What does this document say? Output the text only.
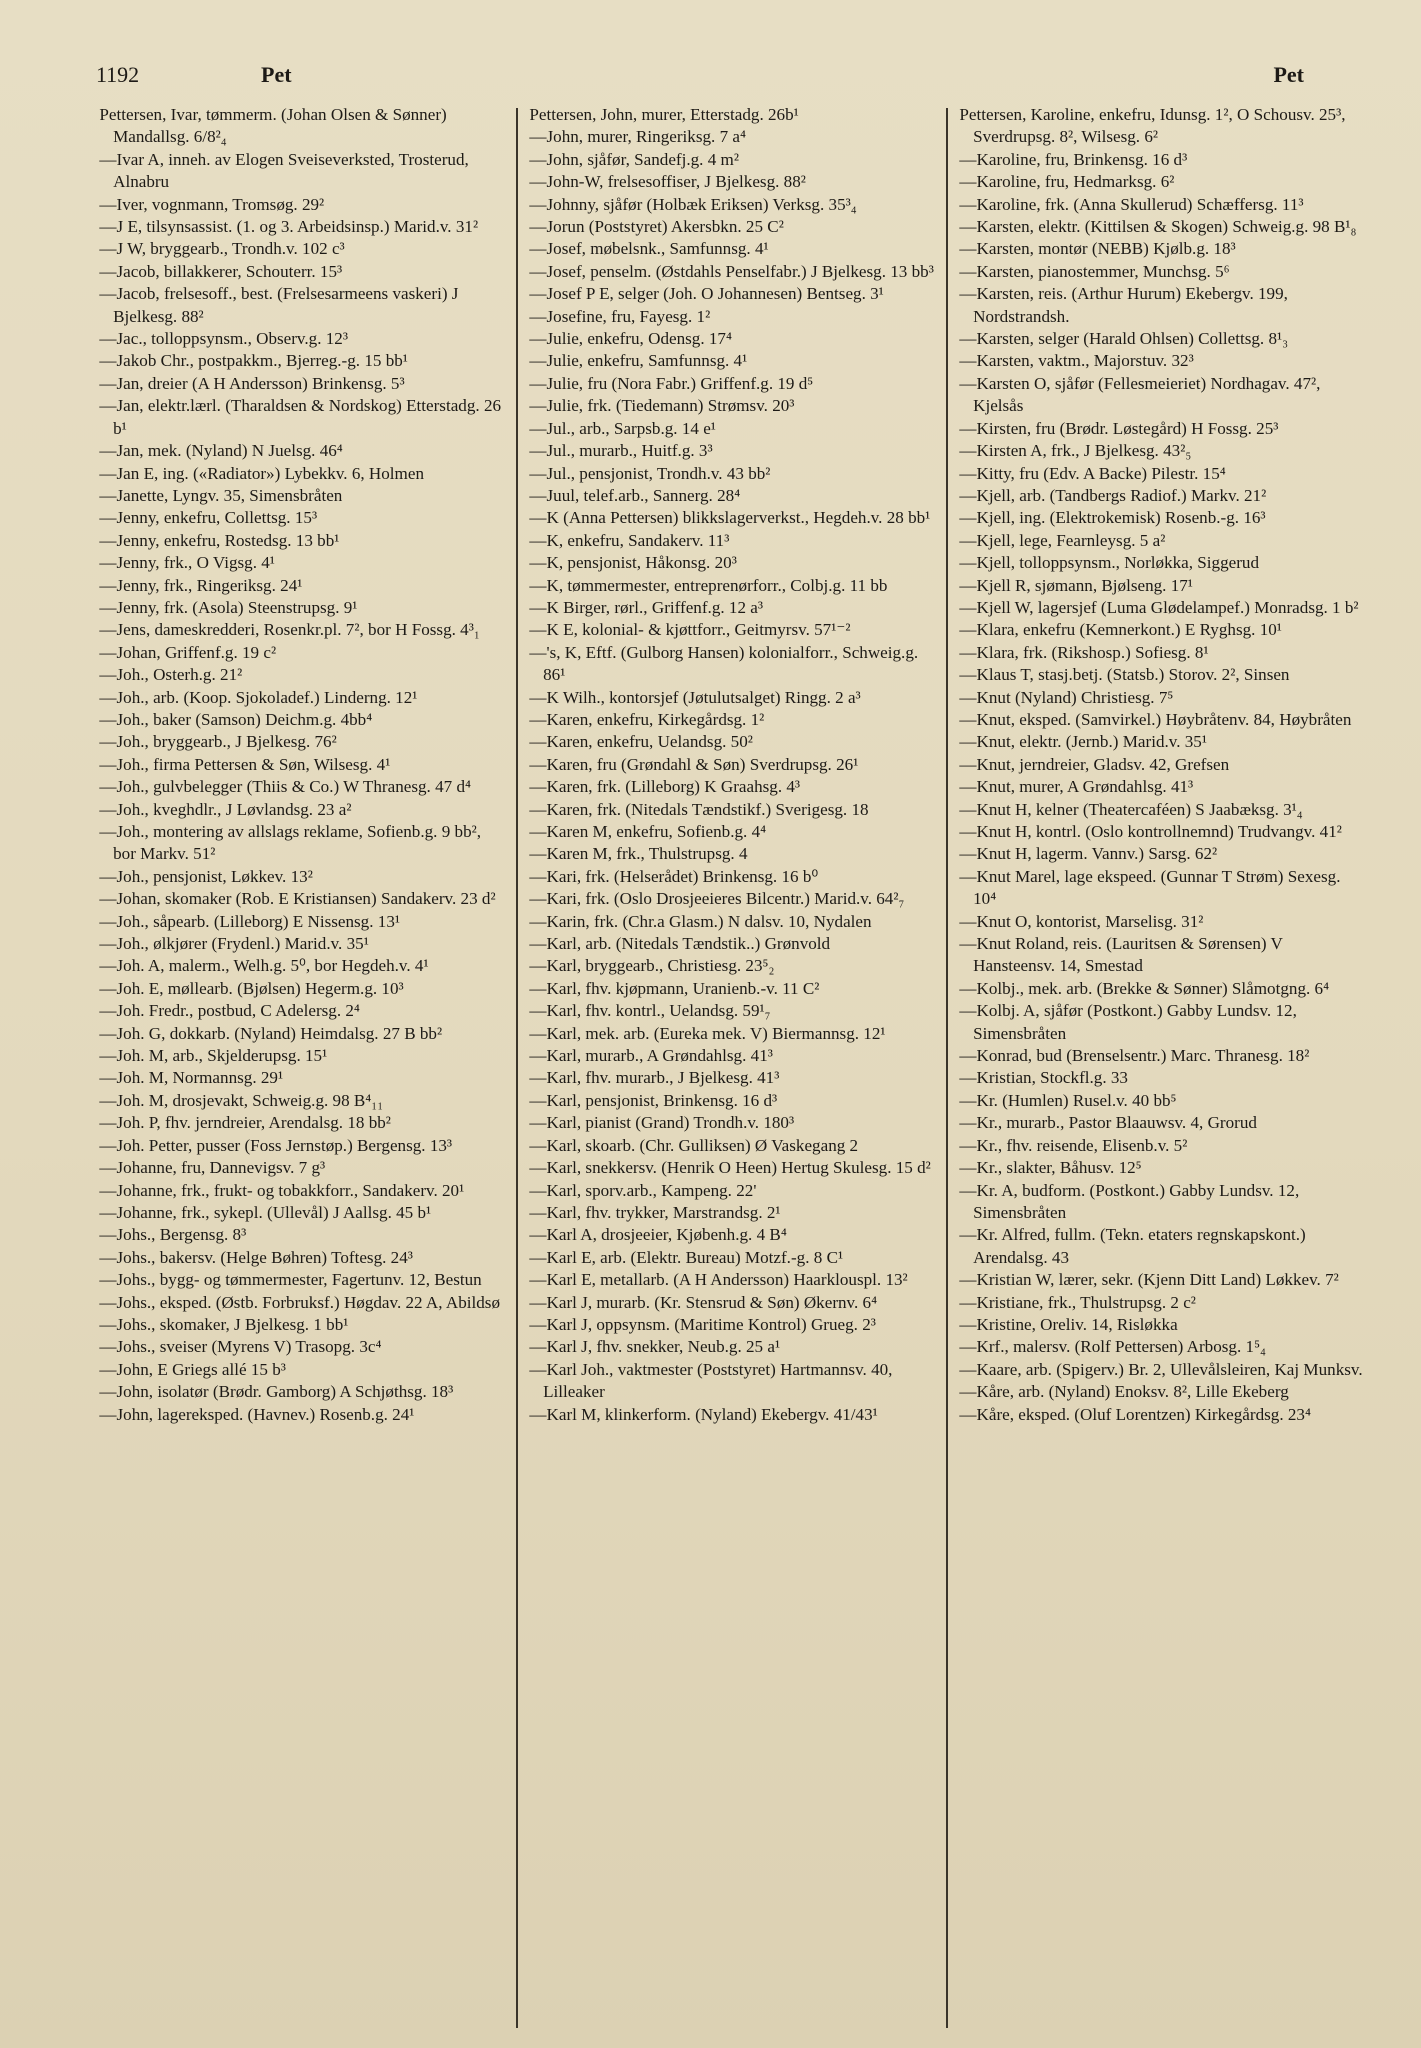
1192	Pet	Pet

Pettersen, Ivar, tømmerm. (Johan Olsen & Sønner) Mandallsg. 6/8²₄

—Ivar A, inneh. av Elogen Sveiseverksted, Trosterud, Alnabru

—Iver, vognmann, Tromsøg. 29²

—J E, tilsynsassist. (1. og 3. Arbeidsinsp.) Marid.v. 31²

—J W, bryggearb., Trondh.v. 102 c³

—Jacob, billakkerer, Schouterr. 15³

—Jacob, frelsesoff., best. (Frelsesarmeens vaskeri) J Bjelkesg. 88²

—Jac., tolloppsynsm., Observ.g. 12³

—Jakob Chr., postpakkm., Bjerreg.-g. 15 bb¹

—Jan, dreier (A H Andersson) Brinkensg. 5³

—Jan, elektr.lærl. (Tharaldsen & Nordskog) Etterstadg. 26 b¹

—Jan, mek. (Nyland) N Juelsg. 46⁴

—Jan E, ing. («Radiator») Lybekkv. 6, Holmen

—Janette, Lyngv. 35, Simensbråten

—Jenny, enkefru, Collettsg. 15³

—Jenny, enkefru, Rostedsg. 13 bb¹

—Jenny, frk., O Vigsg. 4¹

—Jenny, frk., Ringeriksg. 24¹

—Jenny, frk. (Asola) Steenstrupsg. 9¹

—Jens, dameskredderi, Rosenkr.pl. 7², bor H Fossg. 4³₁

—Johan, Griffenf.g. 19 c²

—Joh., Osterh.g. 21²

—Joh., arb. (Koop. Sjokoladef.) Linderng. 12¹

—Joh., baker (Samson) Deichm.g. 4bb⁴

—Joh., bryggearb., J Bjelkesg. 76²

—Joh., firma Pettersen & Søn, Wilsesg. 4¹

—Joh., gulvbelegger (Thiis & Co.) W Thranesg. 47 d⁴

—Joh., kveghdlr., J Løvlandsg. 23 a²

—Joh., montering av allslags reklame, Sofienb.g. 9 bb², bor Markv. 51²

—Joh., pensjonist, Løkkev. 13²

—Johan, skomaker (Rob. E Kristiansen) Sandakerv. 23 d²

—Joh., såpearb. (Lilleborg) E Nissensg. 13¹

—Joh., ølkjører (Frydenl.) Marid.v. 35¹

—Joh. A, malerm., Welh.g. 5⁰, bor Hegdeh.v. 4¹

—Joh. E, møllearb. (Bjølsen) Hegerm.g. 10³

—Joh. Fredr., postbud, C Adelersg. 2⁴

—Joh. G, dokkarb. (Nyland) Heimdalsg. 27 B bb²

—Joh. M, arb., Skjelderupsg. 15¹

—Joh. M, Normannsg. 29¹

—Joh. M, drosjevakt, Schweig.g. 98 B⁴₁₁

—Joh. P, fhv. jerndreier, Arendalsg. 18 bb²

—Joh. Petter, pusser (Foss Jernstøp.) Bergensg. 13³

—Johanne, fru, Dannevigsv. 7 g³

—Johanne, frk., frukt- og tobakkforr., Sandakerv. 20¹

—Johanne, frk., sykepl. (Ullevål) J Aallsg. 45 b¹

—Johs., Bergensg. 8³

—Johs., bakersv. (Helge Bøhren) Toftesg. 24³

—Johs., bygg- og tømmermester, Fagertunv. 12, Bestun

—Johs., eksped. (Østb. Forbruksf.) Høgdav. 22 A, Abildsø

—Johs., skomaker, J Bjelkesg. 1 bb¹

—Johs., sveiser (Myrens V) Trasopg. 3c⁴

—John, E Griegs allé 15 b³

—John, isolatør (Brødr. Gamborg) A Schjøthsg. 18³

—John, lagereksped. (Havnev.) Rosenb.g. 24¹

Pettersen, John, murer, Etterstadg. 26b¹

—John, murer, Ringeriksg. 7 a⁴

—John, sjåfør, Sandefj.g. 4 m²

—John-W, frelsesoffiser, J Bjelkesg. 88²

—Johnny, sjåfør (Holbæk Eriksen) Verksg. 35³₄

—Jorun (Poststyret) Akersbkn. 25 C²

—Josef, møbelsnk., Samfunnsg. 4¹

—Josef, penselm. (Østdahls Penselfabr.) J Bjelkesg. 13 bb³

—Josef P E, selger (Joh. O Johannesen) Bentseg. 3¹

—Josefine, fru, Fayesg. 1²

—Julie, enkefru, Odensg. 17⁴

—Julie, enkefru, Samfunnsg. 4¹

—Julie, fru (Nora Fabr.) Griffenf.g. 19 d⁵

—Julie, frk. (Tiedemann) Strømsv. 20³

—Jul., arb., Sarpsb.g. 14 e¹

—Jul., murarb., Huitf.g. 3³

—Jul., pensjonist, Trondh.v. 43 bb²

—Juul, telef.arb., Sannerg. 28⁴

—K (Anna Pettersen) blikkslagerverkst., Hegdeh.v. 28 bb¹

—K, enkefru, Sandakerv. 11³

—K, pensjonist, Håkonsg. 20³

—K, tømmermester, entreprenørforr., Colbj.g. 11 bb

—K Birger, rørl., Griffenf.g. 12 a³

—K E, kolonial- & kjøttforr., Geitmyrsv. 57¹⁻²

—'s, K, Eftf. (Gulborg Hansen) kolonialforr., Schweig.g. 86¹

—K Wilh., kontorsjef (Jøtulutsalget) Ringg. 2 a³

—Karen, enkefru, Kirkegårdsg. 1²

—Karen, enkefru, Uelandsg. 50²

—Karen, fru (Grøndahl & Søn) Sverdrupsg. 26¹

—Karen, frk. (Lilleborg) K Graahsg. 4³

—Karen, frk. (Nitedals Tændstikf.) Sverigesg. 18

—Karen M, enkefru, Sofienb.g. 4⁴

—Karen M, frk., Thulstrupsg. 4

—Kari, frk. (Helserådet) Brinkensg. 16 b⁰

—Kari, frk. (Oslo Drosjeeieres Bilcentr.) Marid.v. 64²₇

—Karin, frk. (Chr.a Glasm.) N dalsv. 10, Nydalen

—Karl, arb. (Nitedals Tændstik..) Grønvold

—Karl, bryggearb., Christiesg. 23⁵₂

—Karl, fhv. kjøpmann, Uranienb.-v. 11 C²

—Karl, fhv. kontrl., Uelandsg. 59¹₇

—Karl, mek. arb. (Eureka mek. V) Biermannsg. 12¹

—Karl, murarb., A Grøndahlsg. 41³

—Karl, fhv. murarb., J Bjelkesg. 41³

—Karl, pensjonist, Brinkensg. 16 d³

—Karl, pianist (Grand) Trondh.v. 180³

—Karl, skoarb. (Chr. Gulliksen) Ø Vaskegang 2

—Karl, snekkersv. (Henrik O Heen) Hertug Skulesg. 15 d²

—Karl, sporv.arb., Kampeng. 22'

—Karl, fhv. trykker, Marstrandsg. 2¹

—Karl A, drosjeeier, Kjøbenh.g. 4 B⁴

—Karl E, arb. (Elektr. Bureau) Motzf.-g. 8 C¹

—Karl E, metallarb. (A H Andersson) Haarklouspl. 13²

—Karl J, murarb. (Kr. Stensrud & Søn) Økernv. 6⁴

—Karl J, oppsynsm. (Maritime Kontrol) Grueg. 2³

—Karl J, fhv. snekker, Neub.g. 25 a¹

—Karl Joh., vaktmester (Poststyret) Hartmannsv. 40, Lilleaker

—Karl M, klinkerform. (Nyland) Ekebergv. 41/43¹

Pettersen, Karoline, enkefru, Idunsg. 1², O Schousv. 25³, Sverdrupsg. 8², Wilsesg. 6²

—Karoline, fru, Brinkensg. 16 d³

—Karoline, fru, Hedmarksg. 6²

—Karoline, frk. (Anna Skullerud) Schæffersg. 11³

—Karsten, elektr. (Kittilsen & Skogen) Schweig.g. 98 B¹₈

—Karsten, montør (NEBB) Kjølb.g. 18³

—Karsten, pianostemmer, Munchsg. 5⁶

—Karsten, reis. (Arthur Hurum) Ekebergv. 199, Nordstrandsh.

—Karsten, selger (Harald Ohlsen) Collettsg. 8¹₃

—Karsten, vaktm., Majorstuv. 32³

—Karsten O, sjåfør (Fellesmeieriet) Nordhagav. 47², Kjelsås

—Kirsten, fru (Brødr. Løstegård) H Fossg. 25³

—Kirsten A, frk., J Bjelkesg. 43²₅

—Kitty, fru (Edv. A Backe) Pilestr. 15⁴

—Kjell, arb. (Tandbergs Radiof.) Markv. 21²

—Kjell, ing. (Elektrokemisk) Rosenb.-g. 16³

—Kjell, lege, Fearnleysg. 5 a²

—Kjell, tolloppsynsm., Norløkka, Siggerud

—Kjell R, sjømann, Bjølseng. 17¹

—Kjell W, lagersjef (Luma Glødelampef.) Monradsg. 1 b²

—Klara, enkefru (Kemnerkont.) E Ryghsg. 10¹

—Klara, frk. (Rikshosp.) Sofiesg. 8¹

—Klaus T, stasj.betj. (Statsb.) Storov. 2², Sinsen

—Knut (Nyland) Christiesg. 7⁵

—Knut, eksped. (Samvirkel.) Høybråtenv. 84, Høybråten

—Knut, elektr. (Jernb.) Marid.v. 35¹

—Knut, jerndreier, Gladsv. 42, Grefsen

—Knut, murer, A Grøndahlsg. 41³

—Knut H, kelner (Theatercaféen) S Jaabæksg. 3¹₄

—Knut H, kontrl. (Oslo kontrollnemnd) Trudvangv. 41²

—Knut H, lagerm. Vannv.) Sarsg. 62²

—Knut Marel, lage ekspeed. (Gunnar T Strøm) Sexesg. 10⁴

—Knut O, kontorist, Marselisg. 31²

—Knut Roland, reis. (Lauritsen & Sørensen) V Hansteensv. 14, Smestad

—Kolbj., mek. arb. (Brekke & Sønner) Slåmotgng. 6⁴

—Kolbj. A, sjåfør (Postkont.) Gabby Lundsv. 12, Simensbråten

—Konrad, bud (Brenselsentr.) Marc. Thranesg. 18²

—Kristian, Stockfl.g. 33

—Kr. (Humlen) Rusel.v. 40 bb⁵

—Kr., murarb., Pastor Blaauwsv. 4, Grorud

—Kr., fhv. reisende, Elisenb.v. 5²

—Kr., slakter, Båhusv. 12⁵

—Kr. A, budform. (Postkont.) Gabby Lundsv. 12, Simensbråten

—Kr. Alfred, fullm. (Tekn. etaters regnskapskont.) Arendalsg. 43

—Kristian W, lærer, sekr. (Kjenn Ditt Land) Løkkev. 7²

—Kristiane, frk., Thulstrupsg. 2 c²

—Kristine, Oreliv. 14, Risløkka

—Krf., malersv. (Rolf Pettersen) Arbosg. 1⁵₄

—Kaare, arb. (Spigerv.) Br. 2, Ullevålsleiren, Kaj Munksv.

—Kåre, arb. (Nyland) Enoksv. 8², Lille Ekeberg

—Kåre, eksped. (Oluf Lorentzen) Kirkegårdsg. 23⁴
